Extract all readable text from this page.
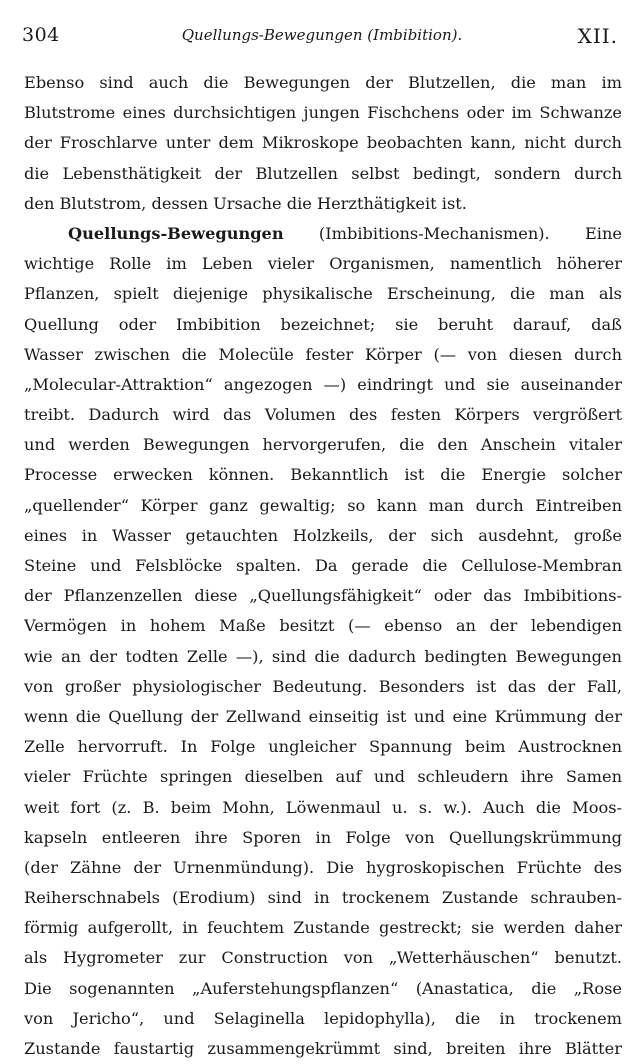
304	Quellungs-Bewegungen (Imbibition).	XII.
Ebenso sind auch die Bewegungen der Blutzellen, die man im
Blutstrome eines durchsichtigen jungen Fischchens oder im Schwanze
der Froschlarve unter dem Mikroskope beobachten kann, nicht durch
die Lebensthätigkeit der Blutzellen selbst bedingt, sondern durch
den Blutstrom, dessen Ursache die Herzthätigkeit ist.
Quellungs-Bewegungen (Imbibitions-Mechanismen). Eine
wichtige Rolle im Leben vieler Organismen, namentlich höherer
Pflanzen, spielt diejenige physikalische Erscheinung, die man als
Quellung oder Imbibition bezeichnet; sie beruht darauf, daß
Wasser zwischen die Molecüle fester Körper (— von diesen durch
„Molecular-Attraktion“ angezogen —) eindringt und sie auseinander
treibt. Dadurch wird das Volumen des festen Körpers vergrößert
und werden Bewegungen hervorgerufen, die den Anschein vitaler
Processe erwecken können. Bekanntlich ist die Energie solcher
„quellender“ Körper ganz gewaltig; so kann man durch Eintreiben
eines in Wasser getauchten Holzkeils, der sich ausdehnt, große
Steine und Felsblöcke spalten. Da gerade die Cellulose-Membran
der Pflanzenzellen diese „Quellungsfähigkeit“ oder das Imbibitions-
Vermögen in hohem Maße besitzt (— ebenso an der lebendigen
wie an der todten Zelle —), sind die dadurch bedingten Bewegungen
von großer physiologischer Bedeutung. Besonders ist das der Fall,
wenn die Quellung der Zellwand einseitig ist und eine Krümmung der
Zelle hervorruft. In Folge ungleicher Spannung beim Austrocknen
vieler Früchte springen dieselben auf und schleudern ihre Samen
weit fort (z. B. beim Mohn, Löwenmaul u. s. w.). Auch die Moos-
kapseln entleeren ihre Sporen in Folge von Quellungskrümmung
(der Zähne der Urnenmündung). Die hygroskopischen Früchte des
Reiherschnabels (Erodium) sind in trockenem Zustande schrauben-
förmig aufgerollt, in feuchtem Zustande gestreckt; sie werden daher
als Hygrometer zur Construction von „Wetterhäuschen“ benutzt.
Die sogenannten „Auferstehungspflanzen“ (Anastatica, die „Rose
von Jericho“, und Selaginella lepidophylla), die in trockenem
Zustande faustartig zusammengekrümmt sind, breiten ihre Blätter
